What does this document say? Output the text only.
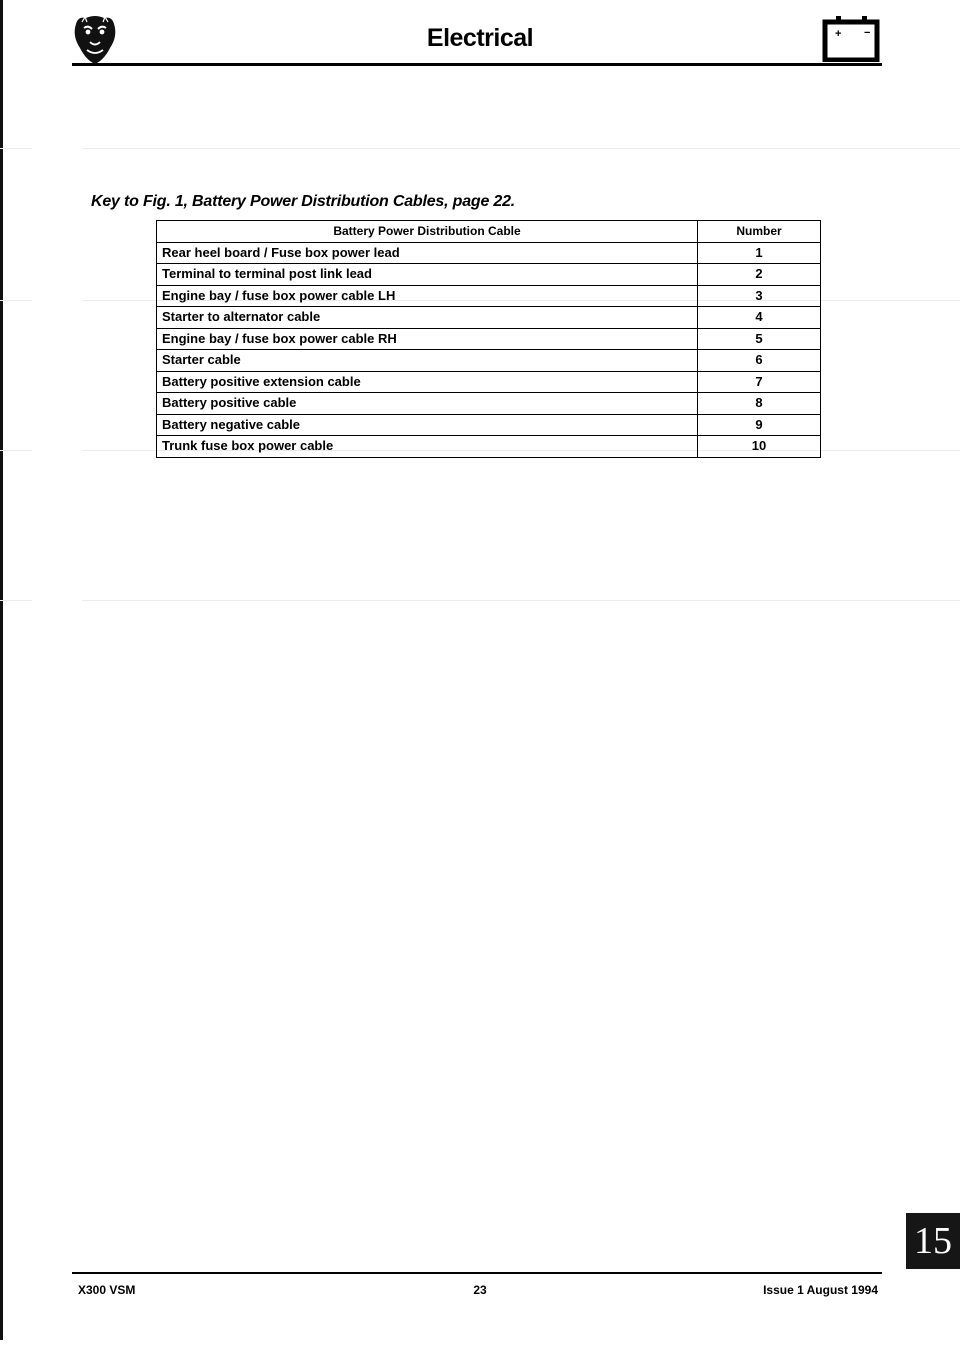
Electrical	+ −
Key to Fig. 1, Battery Power Distribution Cables, page 22.
Battery Power Distribution Cable	Number
Rear heel board / Fuse box power lead	1
Terminal to terminal post link lead	2
Engine bay / fuse box power cable LH	3
Starter to alternator cable	4
Engine bay / fuse box power cable RH	5
Starter cable	6
Battery positive extension cable	7
Battery positive cable	8
Battery negative cable	9
Trunk fuse box power cable	10
15
X300 VSM	23	Issue 1 August 1994
